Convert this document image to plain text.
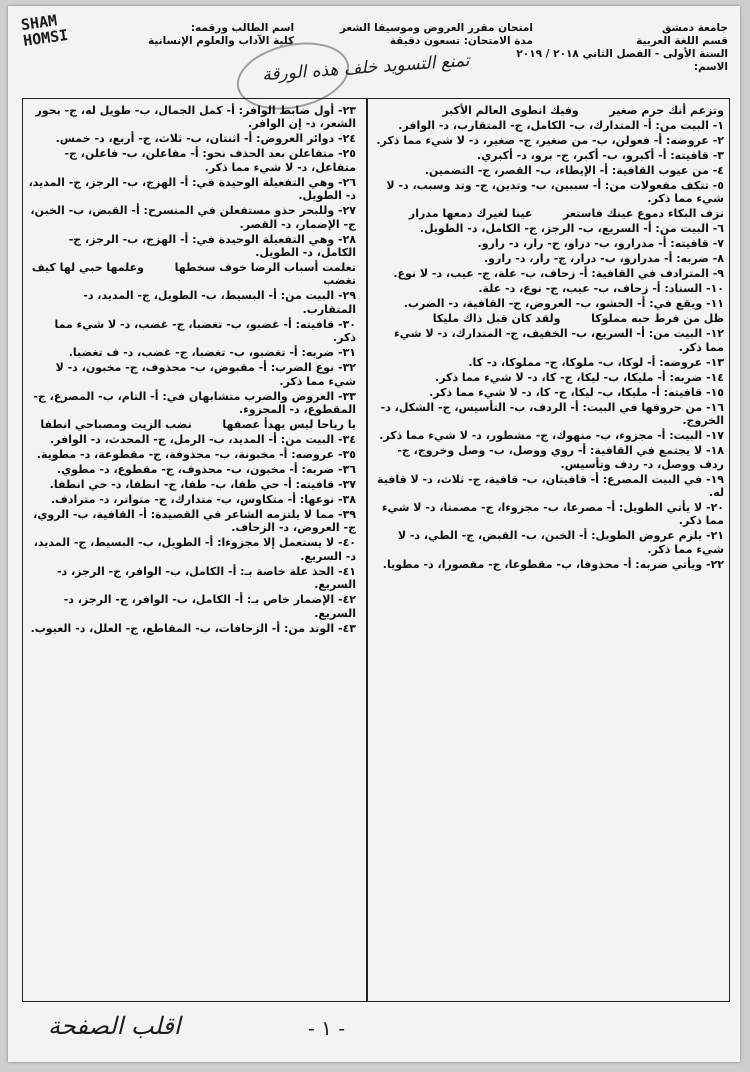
SHAM
HOMSI	جامعة دمشق
قسم اللغة العربية
السنة الأولى - الفصل الثاني ٢٠١٨ / ٢٠١٩
الاسم:
امتحان مقرر العروض وموسيقا الشعر
مدة الامتحان: تسعون دقيقة
اسم الطالب ورقمه:
كلية الآداب والعلوم الإنسانية
تمنع التسويد خلف هذه الورقة
وتزعم أنك جرم صغير        وفيك انطوى العالم الأكبر
١- البيت من: أ- المتدارك، ب- الكامل، ج- المتقارب، د- الوافر.
٢- عروضه: أ- فعولن، ب- من صغير، ج- صغير، د- لا شيء مما ذكر.
٣- قافيته: أ- أكبرو، ب- أكبر، ج- برو، د- أكبري.
٤- من عيوب القافية: أ- الإيطاء، ب- القصر، ج- التضمين.
٥- تتكف مفعولات من: أ- سببين، ب- وتدين، ج- وتد وسبب، د- لا شيء مما ذكر.
نزف البكاء دموع عينك فاستعر        عينا لغيرك دمعها مدرار
٦- البيت من: أ- السريع، ب- الرجز، ج- الكامل، د- الطويل.
٧- قافيته: أ- مدرارو، ب- دراو، ج- رار، د- رارو.
٨- ضربه: أ- مدرارو، ب- درار، ج- رار، د- رارو.
٩- المترادف في القافية: أ- زحاف، ب- علة، ج- عيب، د- لا نوع.
١٠- السناد: أ- زحاف، ب- عيب، ج- نوع، د- علة.
١١- ويقع في: أ- الحشو، ب- العروض، ج- القافية، د- الضرب.
ظل من فرط حبه مملوكا        ولقد كان قبل ذاك مليكا
١٢- البيت من: أ- السريع، ب- الخفيف، ج- المتدارك، د- لا شيء مما ذكر.
١٣- عروضه: أ- لوكا، ب- ملوكا، ج- مملوكا، د- كا.
١٤- ضربه: أ- مليكا، ب- ليكا، ج- كا، د- لا شيء مما ذكر.
١٥- قافيته: أ- مليكا، ب- ليكا، ج- كا، د- لا شيء مما ذكر.
١٦- من حروفها في البيت: أ- الردف، ب- التأسيس، ج- الشكل، د- الخروج.
١٧- البيت: أ- مجزوء، ب- منهوك، ج- مشطور، د- لا شيء مما ذكر.
١٨- لا يجتمع في القافية: أ- روي ووصل، ب- وصل وخروج، ج- ردف ووصل، د- ردف وتأسيس.
١٩- في البيت المصرع: أ- قافيتان، ب- قافية، ج- ثلاث، د- لا قافية له.
٢٠- لا يأتي الطويل: أ- مصرعا، ب- مجزوءا، ج- مصمتا، د- لا شيء مما ذكر.
٢١- يلزم عروض الطويل: أ- الخبن، ب- القبض، ج- الطي، د- لا شيء مما ذكر.
٢٢- ويأتي ضربه: أ- محذوفا، ب- مقطوعا، ج- مقصورا، د- مطويا.
٢٣- أول ضابط الوافر: أ- كمل الجمال، ب- طويل له، ج- بحور الشعر، د- إن الوافر.
٢٤- دوائر العروض: أ- اثنتان، ب- ثلاث، ج- أربع، د- خمس.
٢٥- متفاعلن بعد الحذف نحو: أ- مفاعلن، ب- فاعلن، ج- متفاعل، د- لا شيء مما ذكر.
٢٦- وهي التفعيلة الوحيدة في: أ- الهزج، ب- الرجز، ج- المديد، د- الطويل.
٢٧- وللبحر حذو مستفعلن في المنسرح: أ- القبض، ب- الخبن، ج- الإضمار، د- القصر.
٢٨- وهي التفعيلة الوحيدة في: أ- الهزج، ب- الرجز، ج- الكامل، د- الطويل.
تعلمت أسباب الرضا خوف سخطها        وعلمها حبي لها كيف تغضب
٢٩- البيت من: أ- البسيط، ب- الطويل، ج- المديد، د- المتقارب.
٣٠- قافيته: أ- غضبو، ب- تغضبا، ج- غضب، د- لا شيء مما ذكر.
٣١- ضربه: أ- تغضبو، ب- تغضبا، ج- غضب، د- ف تغضبا.
٣٢- نوع الضرب: أ- مقبوض، ب- محذوف، ج- مخبون، د- لا شيء مما ذكر.
٣٣- العروض والضرب متشابهان في: أ- التام، ب- المصرع، ج- المقطوع، د- المجزوء.
يا رياحا ليس يهدأ عصفها        نضب الزيت ومصباحي انطفا
٣٤- البيت من: أ- المديد، ب- الرمل، ج- المحدث، د- الوافر.
٣٥- عروضه: أ- مخبونة، ب- محذوفة، ج- مقطوعة، د- مطوية.
٣٦- ضربه: أ- مخبون، ب- محذوف، ج- مقطوع، د- مطوي.
٣٧- قافيته: أ- حي طفا، ب- طفا، ج- انطفا، د- حي انطفا.
٣٨- نوعها: أ- متكاوس، ب- متدارك، ج- متواتر، د- مترادف.
٣٩- مما لا يلتزمه الشاعر في القصيدة: أ- القافية، ب- الروي، ج- العروض، د- الزحاف.
٤٠- لا يستعمل إلا مجزوءا: أ- الطويل، ب- البسيط، ج- المديد، د- السريع.
٤١- الحذ علة خاصة بـ: أ- الكامل، ب- الوافر، ج- الرجز، د- السريع.
٤٢- الإضمار خاص بـ: أ- الكامل، ب- الوافر، ج- الرجز، د- السريع.
٤٣- الوتد من: أ- الزحافات، ب- المقاطع، ج- العلل، د- العيوب.
اقلب الصفحة	- ١ -
